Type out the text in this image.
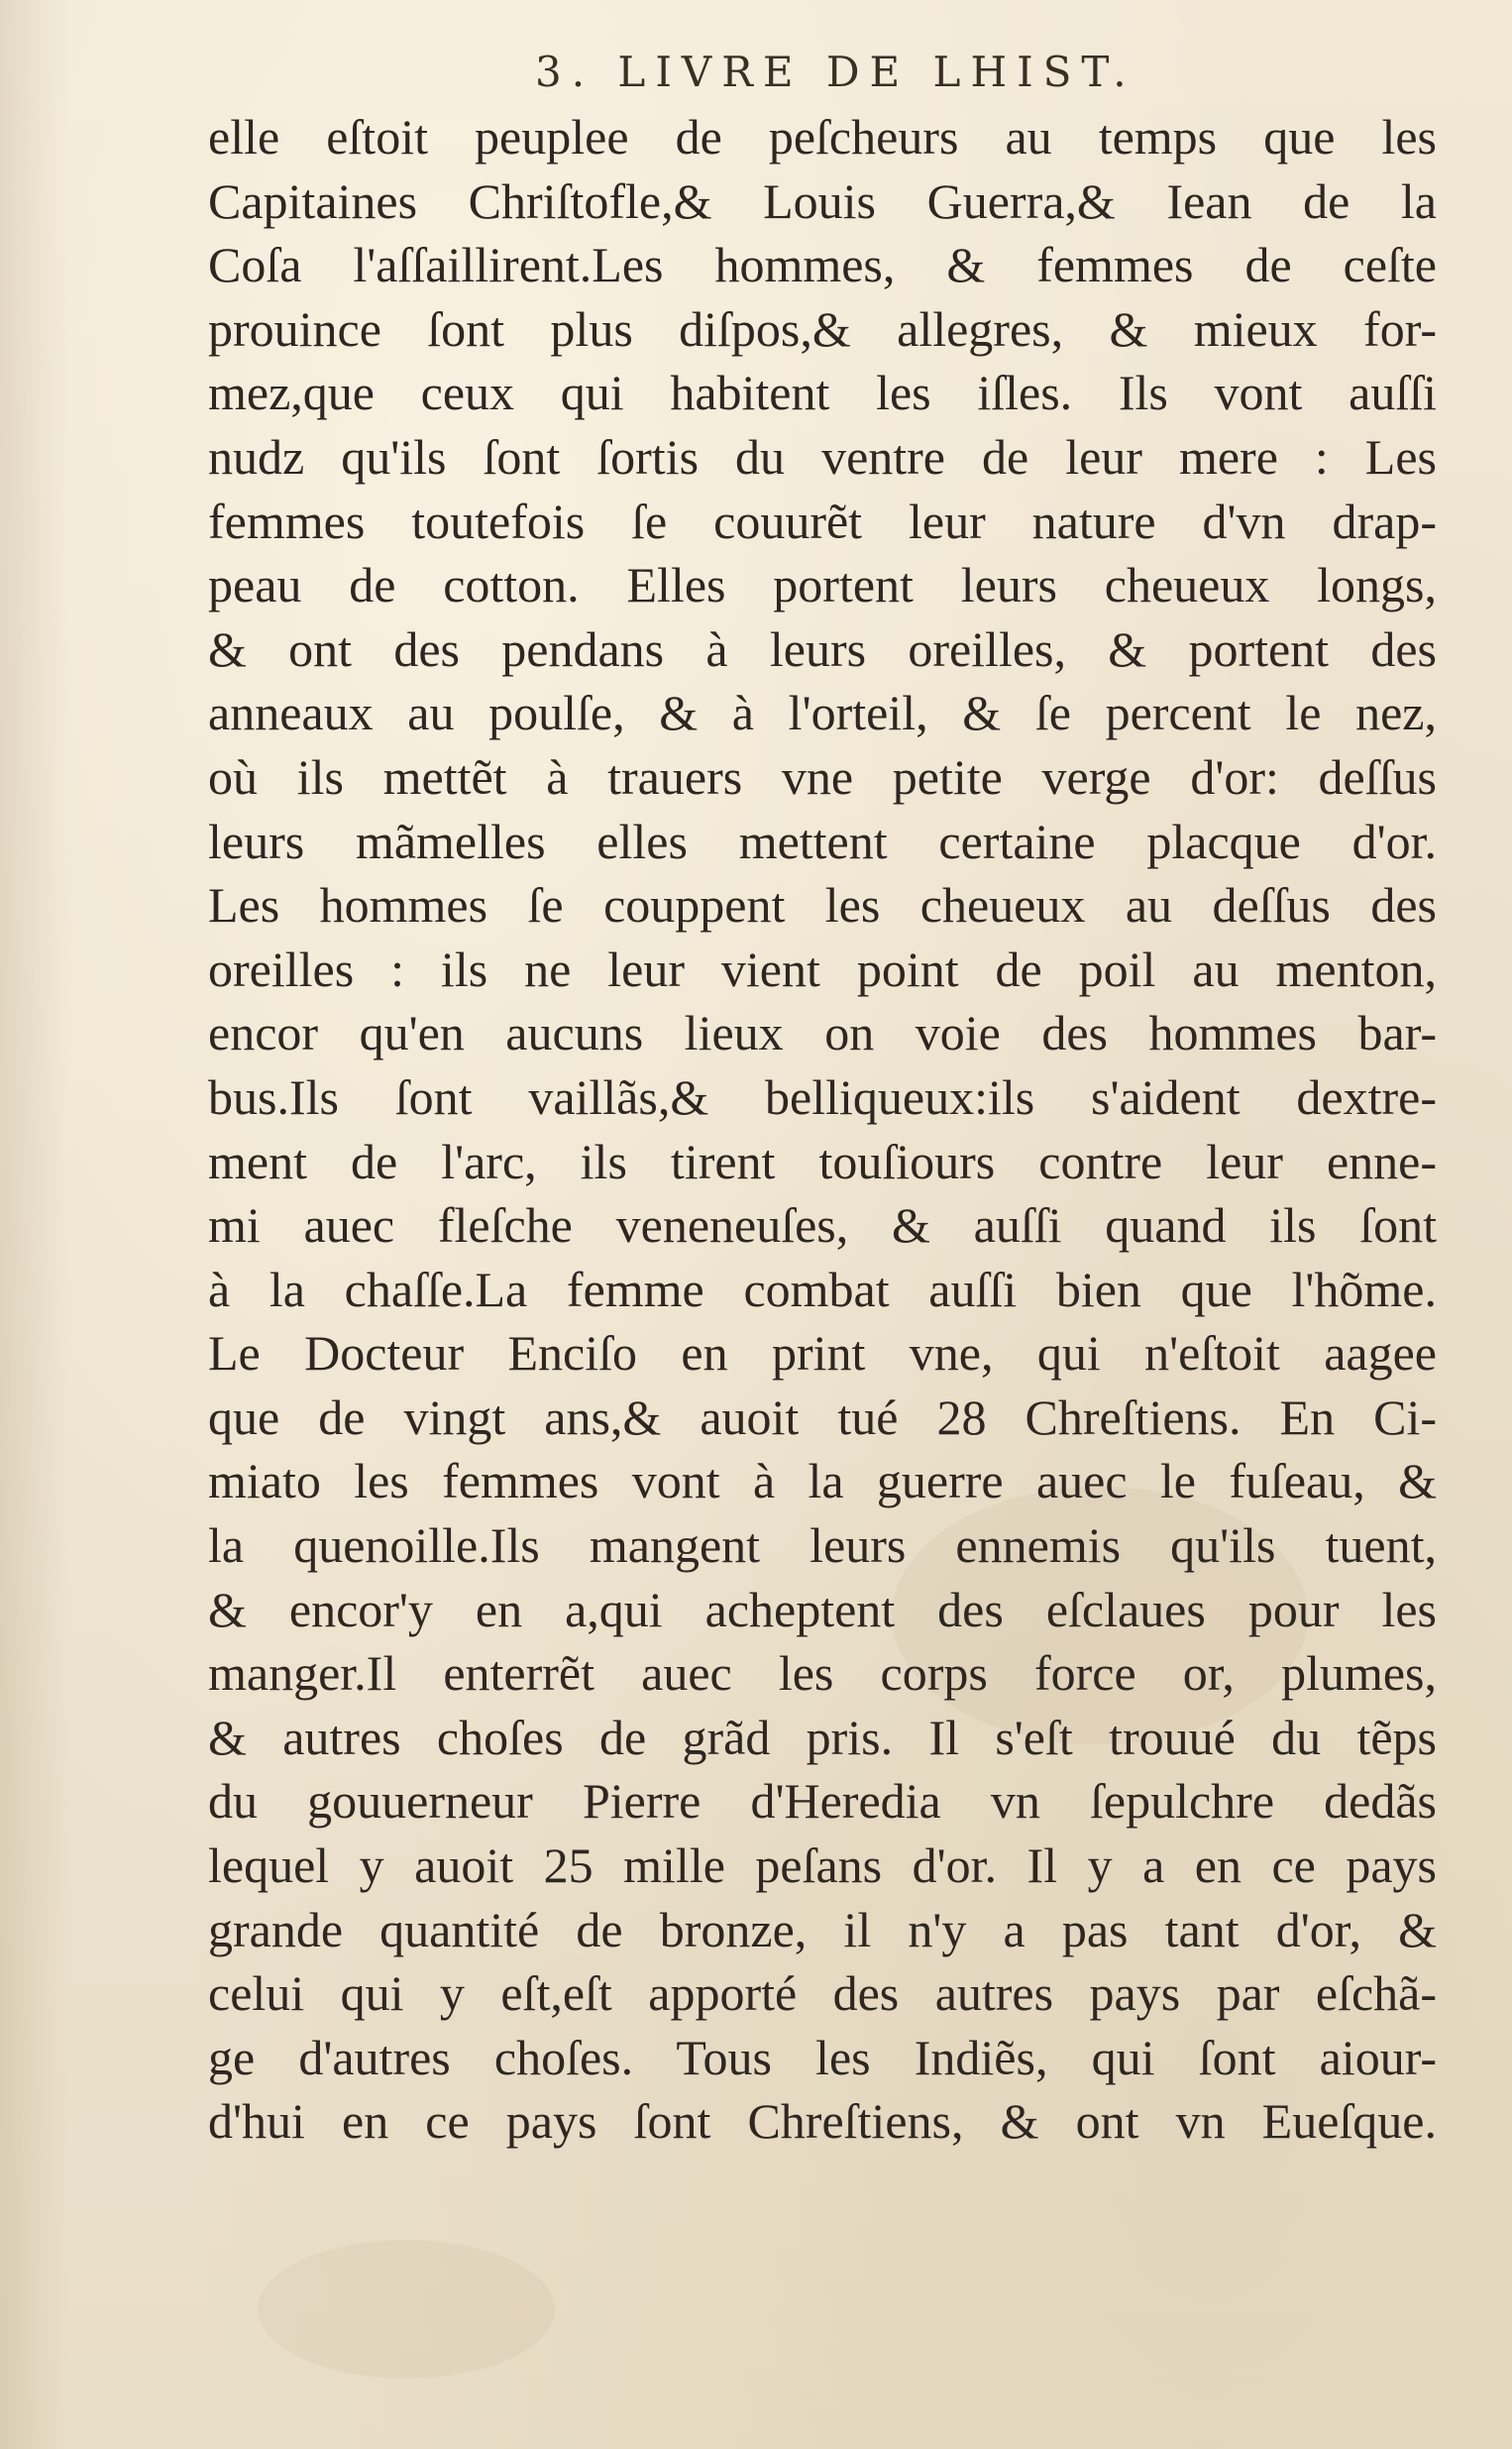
3. LIVRE DE LHIST.
elle eſtoit peuplee de peſcheurs au temps que les
Capitaines Chriſtofle,& Louis Guerra,& Iean de la
Coſa l'aſſaillirent.Les hommes, & femmes de ceſte
prouince ſont plus diſpos,& allegres, & mieux for-
mez,que ceux qui habitent les iſles. Ils vont auſſi
nudz qu'ils ſont ſortis du ventre de leur mere : Les
femmes toutefois ſe couurẽt leur nature d'vn drap-
peau de cotton. Elles portent leurs cheueux longs,
& ont des pendans à leurs oreilles, & portent des
anneaux au poulſe, & à l'orteil, & ſe percent le nez,
où ils mettẽt à trauers vne petite verge d'or: deſſus
leurs mãmelles elles mettent certaine placque d'or.
Les hommes ſe couppent les cheueux au deſſus des
oreilles : ils ne leur vient point de poil au menton,
encor qu'en aucuns lieux on voie des hommes bar-
bus.Ils ſont vaillãs,& belliqueux:ils s'aident dextre-
ment de l'arc, ils tirent touſiours contre leur enne-
mi auec fleſche veneneuſes, & auſſi quand ils ſont
à la chaſſe.La femme combat auſſi bien que l'hõme.
Le Docteur Enciſo en print vne, qui n'eſtoit aagee
que de vingt ans,& auoit tué 28 Chreſtiens. En Ci-
miato les femmes vont à la guerre auec le fuſeau, &
la quenoille.Ils mangent leurs ennemis qu'ils tuent,
& encor'y en a,qui acheptent des eſclaues pour les
manger.Il enterrẽt auec les corps force or, plumes,
& autres choſes de grãd pris. Il s'eſt trouué du tẽps
du gouuerneur Pierre d'Heredia vn ſepulchre dedãs
lequel y auoit 25 mille peſans d'or. Il y a en ce pays
grande quantité de bronze, il n'y a pas tant d'or, &
celui qui y eſt,eſt apporté des autres pays par eſchã-
ge d'autres choſes. Tous les Indiẽs, qui ſont aiour-
d'hui en ce pays ſont Chreſtiens, & ont vn Eueſque.
